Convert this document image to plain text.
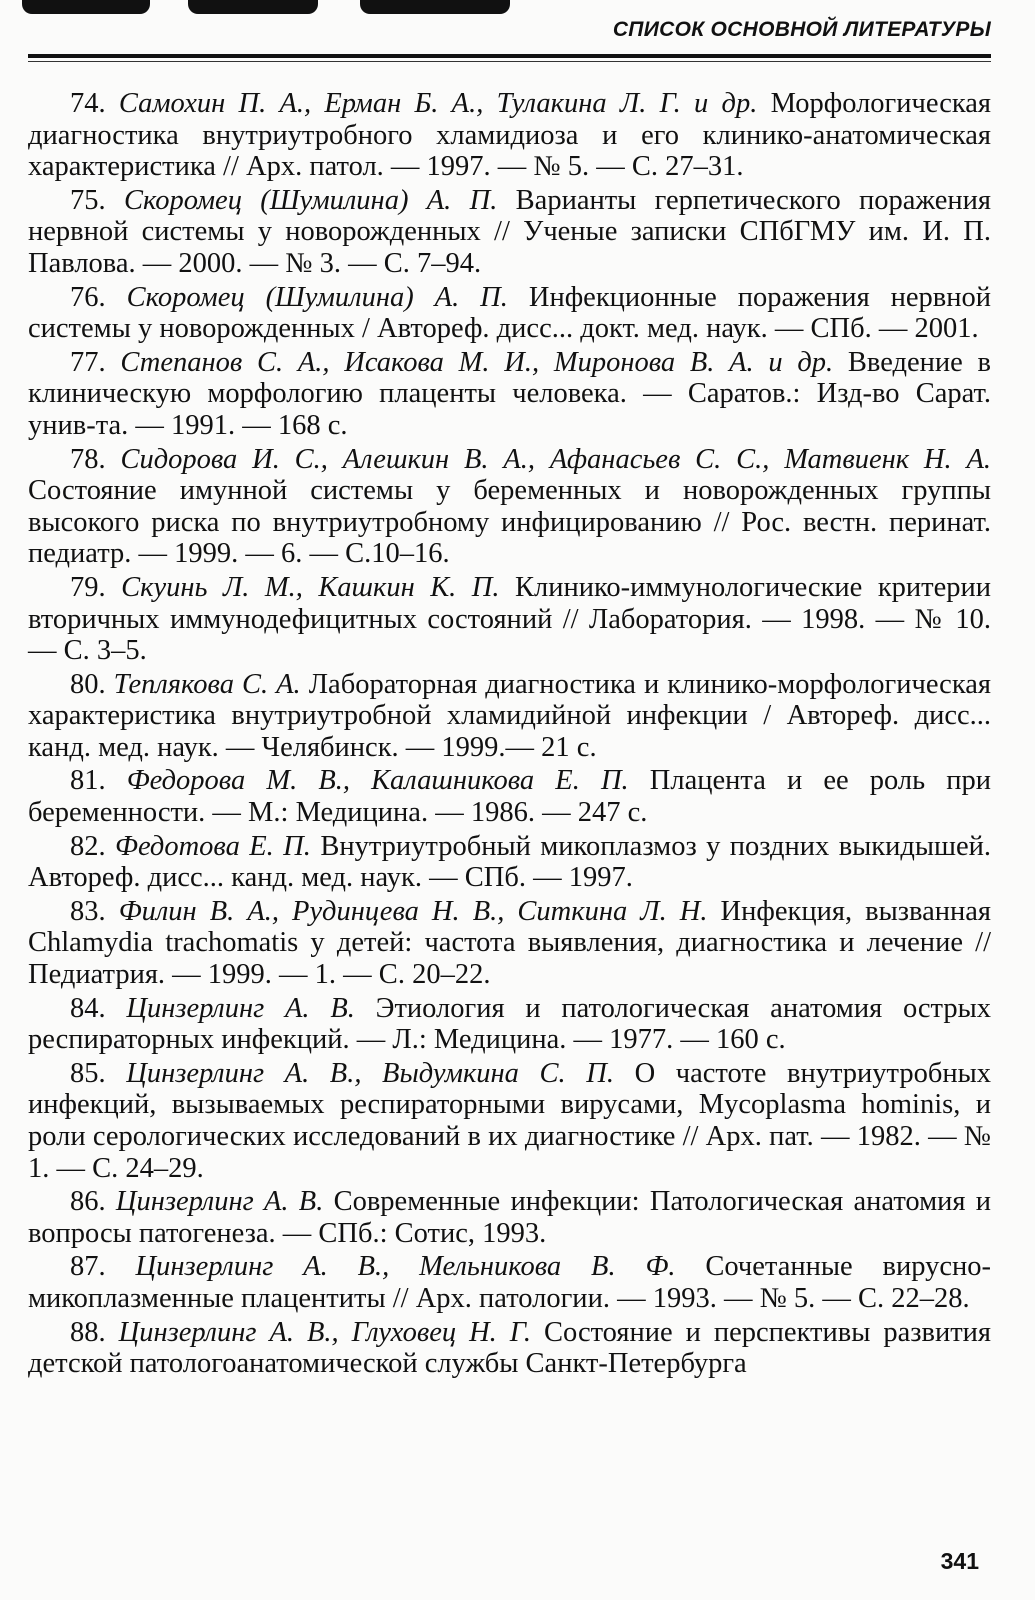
СПИСОК ОСНОВНОЙ ЛИТЕРАТУРЫ

74. Самохин П. А., Ерман Б. А., Тулакина Л. Г. и др. Морфологическая диагностика внутриутробного хламидиоза и его клинико-анатомическая характеристика // Арх. патол. — 1997. — № 5. — С. 27–31.

75. Скоромец (Шумилина) А. П. Варианты герпетического поражения нервной системы у новорожденных // Ученые записки СПбГМУ им. И. П. Павлова. — 2000. — № 3. — С. 7–94.

76. Скоромец (Шумилина) А. П. Инфекционные поражения нервной системы у новорожденных / Автореф. дисс... докт. мед. наук. — СПб. — 2001.

77. Степанов С. А., Исакова М. И., Миронова В. А. и др. Введение в клиническую морфологию плаценты человека. — Саратов.: Изд-во Сарат. унив-та. — 1991. — 168 с.

78. Сидорова И. С., Алешкин В. А., Афанасьев С. С., Матвиенк Н. А. Состояние имунной системы у беременных и новорожденных группы высокого риска по внутриутробному инфицированию // Рос. вестн. перинат. педиатр. — 1999. — 6. — С.10–16.

79. Скуинь Л. М., Кашкин К. П. Клинико-иммунологические критерии вторичных иммунодефицитных состояний // Лаборатория. — 1998. — № 10. — С. 3–5.

80. Теплякова С. А. Лабораторная диагностика и клинико-морфологическая характеристика внутриутробной хламидийной инфекции / Автореф. дисс... канд. мед. наук. — Челябинск. — 1999.— 21 с.

81. Федорова М. В., Калашникова Е. П. Плацента и ее роль при беременности. — М.: Медицина. — 1986. — 247 с.

82. Федотова Е. П. Внутриутробный микоплазмоз у поздних выкидышей. Автореф. дисс... канд. мед. наук. — СПб. — 1997.

83. Филин В. А., Рудинцева Н. В., Ситкина Л. Н. Инфекция, вызванная Chlamydia trachomatis у детей: частота выявления, диагностика и лечение // Педиатрия. — 1999. — 1. — С. 20–22.

84. Цинзерлинг А. В. Этиология и патологическая анатомия острых респираторных инфекций. — Л.: Медицина. — 1977. — 160 с.

85. Цинзерлинг А. В., Выдумкина С. П. О частоте внутриутробных инфекций, вызываемых респираторными вирусами, Mycoplasma hominis, и роли серологических исследований в их диагностике // Арх. пат. — 1982. — № 1. — С. 24–29.

86. Цинзерлинг А. В. Современные инфекции: Патологическая анатомия и вопросы патогенеза. — СПб.: Сотис, 1993.

87. Цинзерлинг А. В., Мельникова В. Ф. Сочетанные вирусно-микоплазменные плацентиты // Арх. патологии. — 1993. — № 5. — С. 22–28.

88. Цинзерлинг А. В., Глуховец Н. Г. Состояние и перспективы развития детской патологоанатомической службы Санкт-Петербурга

341
